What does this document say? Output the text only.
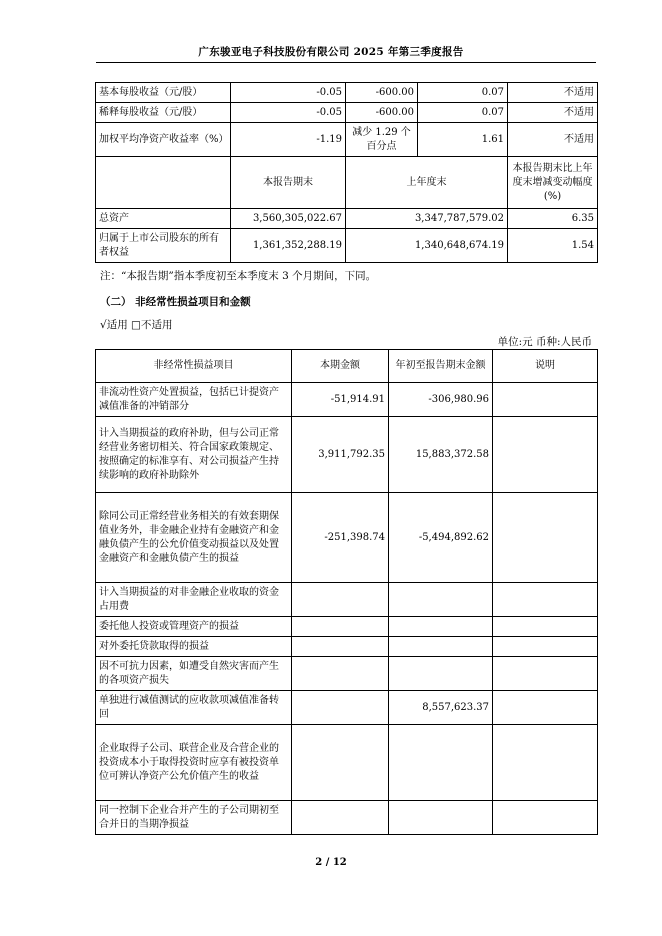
广东骏亚电子科技股份有限公司 2025 年第三季度报告
基本每股收益（元/股）	-0.05	-600.00	0.07	不适用
稀释每股收益（元/股）	-0.05	-600.00	0.07	不适用
加权平均净资产收益率（%）	-1.19	减少 1.29 个百分点	1.61	不适用
	本报告期末	上年度末		本报告期末比上年度末增减变动幅度(%)
总资产	3,560,305,022.67	3,347,787,579.02		6.35
归属于上市公司股东的所有者权益	1,361,352,288.19	1,340,648,674.19		1.54
注：“本报告期”指本季度初至本季度末 3 个月期间，下同。
（二） 非经常性损益项目和金额
√适用 □不适用
单位:元 币种:人民币
非经常性损益项目	本期金额	年初至报告期末金额	说明
非流动性资产处置损益，包括已计提资产减值准备的冲销部分	-51,914.91	-306,980.96	
计入当期损益的政府补助，但与公司正常经营业务密切相关、符合国家政策规定、按照确定的标准享有、对公司损益产生持续影响的政府补助除外	3,911,792.35	15,883,372.58	
除同公司正常经营业务相关的有效套期保值业务外，非金融企业持有金融资产和金融负债产生的公允价值变动损益以及处置金融资产和金融负债产生的损益	-251,398.74	-5,494,892.62	
计入当期损益的对非金融企业收取的资金占用费			
委托他人投资或管理资产的损益			
对外委托贷款取得的损益			
因不可抗力因素，如遭受自然灾害而产生的各项资产损失			
单独进行减值测试的应收款项减值准备转回		8,557,623.37	
企业取得子公司、联营企业及合营企业的投资成本小于取得投资时应享有被投资单位可辨认净资产公允价值产生的收益			
同一控制下企业合并产生的子公司期初至合并日的当期净损益			
2 / 12
